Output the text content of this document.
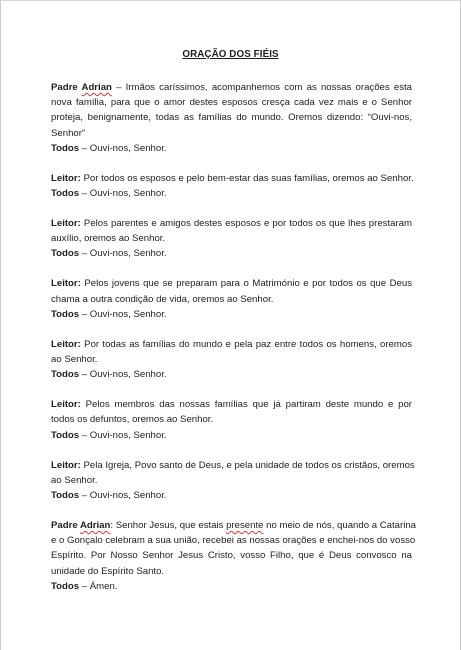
ORAÇÃO DOS FIÉIS
Padre Adrian – Irmãos caríssimos, acompanhemos com as nossas orações esta
nova família, para que o amor destes esposos cresça cada vez mais e o Senhor
proteja, benignamente, todas as famílias do mundo. Oremos dizendo: “Ouvi-nos,
Senhor”
Todos – Ouvi-nos, Senhor.
Leitor: Por todos os esposos e pelo bem-estar das suas famílias, oremos ao Senhor.
Todos – Ouvi-nos, Senhor.
Leitor: Pelos parentes e amigos destes esposos e por todos os que lhes prestaram
auxílio, oremos ao Senhor.
Todos – Ouvi-nos, Senhor.
Leitor: Pelos jovens que se preparam para o Matrimónio e por todos os que Deus
chama a outra condição de vida, oremos ao Senhor.
Todos – Ouvi-nos, Senhor.
Leitor: Por todas as famílias do mundo e pela paz entre todos os homens, oremos
ao Senhor.
Todos – Ouvi-nos, Senhor.
Leitor: Pelos membros das nossas famílias que já partiram deste mundo e por
todos os defuntos, oremos ao Senhor.
Todos – Ouvi-nos, Senhor.
Leitor: Pela Igreja, Povo santo de Deus, e pela unidade de todos os cristãos, oremos
ao Senhor.
Todos – Ouvi-nos, Senhor.
Padre Adrian: Senhor Jesus, que estais presente no meio de nós, quando a Catarina
e o Gonçalo celebram a sua união, recebei as nossas orações e enchei-nos do vosso
Espírito. Por Nosso Senhor Jesus Cristo, vosso Filho, que é Deus convosco na
unidade do Espírito Santo.
Todos – Ámen.
